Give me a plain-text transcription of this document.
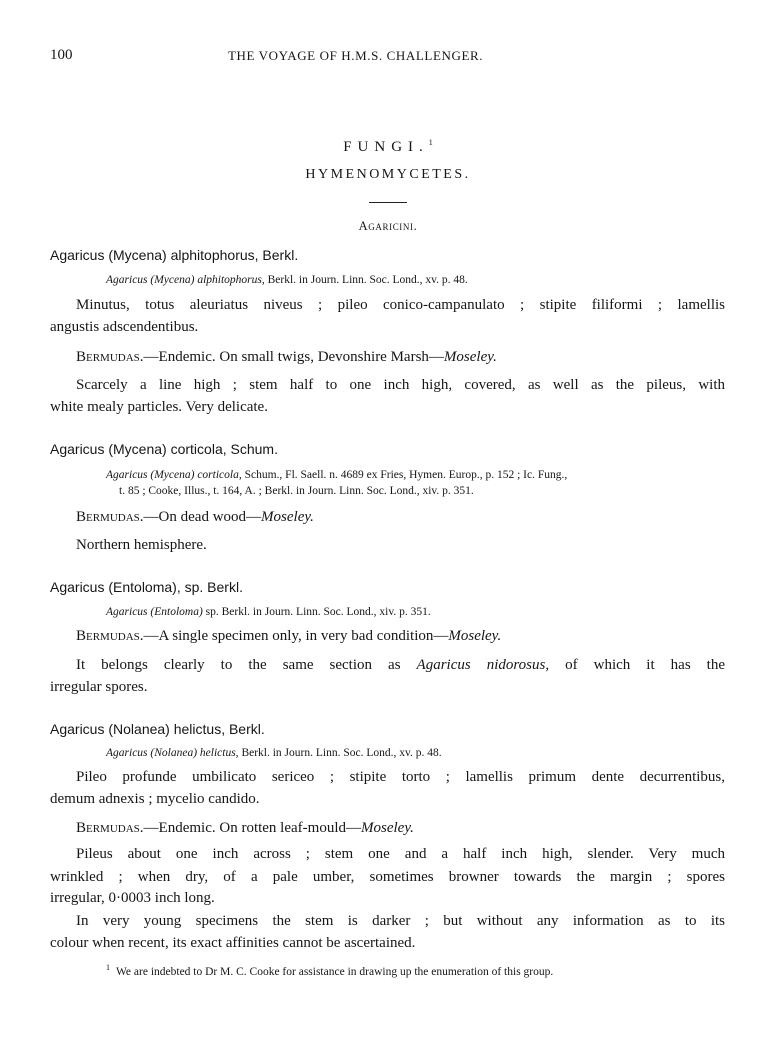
100	THE VOYAGE OF H.M.S. CHALLENGER.
FUNGI.$^1$
HYMENOMYCETES.
Agaricini.
Agaricus (Mycena) alphitophorus, Berkl.
Agaricus (Mycena) alphitophorus, Berkl. in Journ. Linn. Soc. Lond., xv. p. 48.
Minutus, totus aleuriatus niveus ; pileo conico-campanulato ; stipite filiformi ; lamellis
angustis adscendentibus.
Bermudas.—Endemic. On small twigs, Devonshire Marsh—Moseley.
Scarcely a line high ; stem half to one inch high, covered, as well as the pileus, with
white mealy particles. Very delicate.
Agaricus (Mycena) corticola, Schum.
Agaricus (Mycena) corticola, Schum., Fl. Saell. n. 4689 ex Fries, Hymen. Europ., p. 152 ; Ic. Fung.,
t. 85 ; Cooke, Illus., t. 164, A. ; Berkl. in Journ. Linn. Soc. Lond., xiv. p. 351.
Bermudas.—On dead wood—Moseley.
Northern hemisphere.
Agaricus (Entoloma), sp. Berkl.
Agaricus (Entoloma) sp. Berkl. in Journ. Linn. Soc. Lond., xiv. p. 351.
Bermudas.—A single specimen only, in very bad condition—Moseley.
It belongs clearly to the same section as Agaricus nidorosus, of which it has the
irregular spores.
Agaricus (Nolanea) helictus, Berkl.
Agaricus (Nolanea) helictus, Berkl. in Journ. Linn. Soc. Lond., xv. p. 48.
Pileo profunde umbilicato sericeo ; stipite torto ; lamellis primum dente decurrentibus,
demum adnexis ; mycelio candido.
Bermudas.—Endemic. On rotten leaf-mould—Moseley.
Pileus about one inch across ; stem one and a half inch high, slender. Very much
wrinkled ; when dry, of a pale umber, sometimes browner towards the margin ; spores
irregular, 0·0003 inch long.
In very young specimens the stem is darker ; but without any information as to its
colour when recent, its exact affinities cannot be ascertained.
$^1$ We are indebted to Dr M. C. Cooke for assistance in drawing up the enumeration of this group.
